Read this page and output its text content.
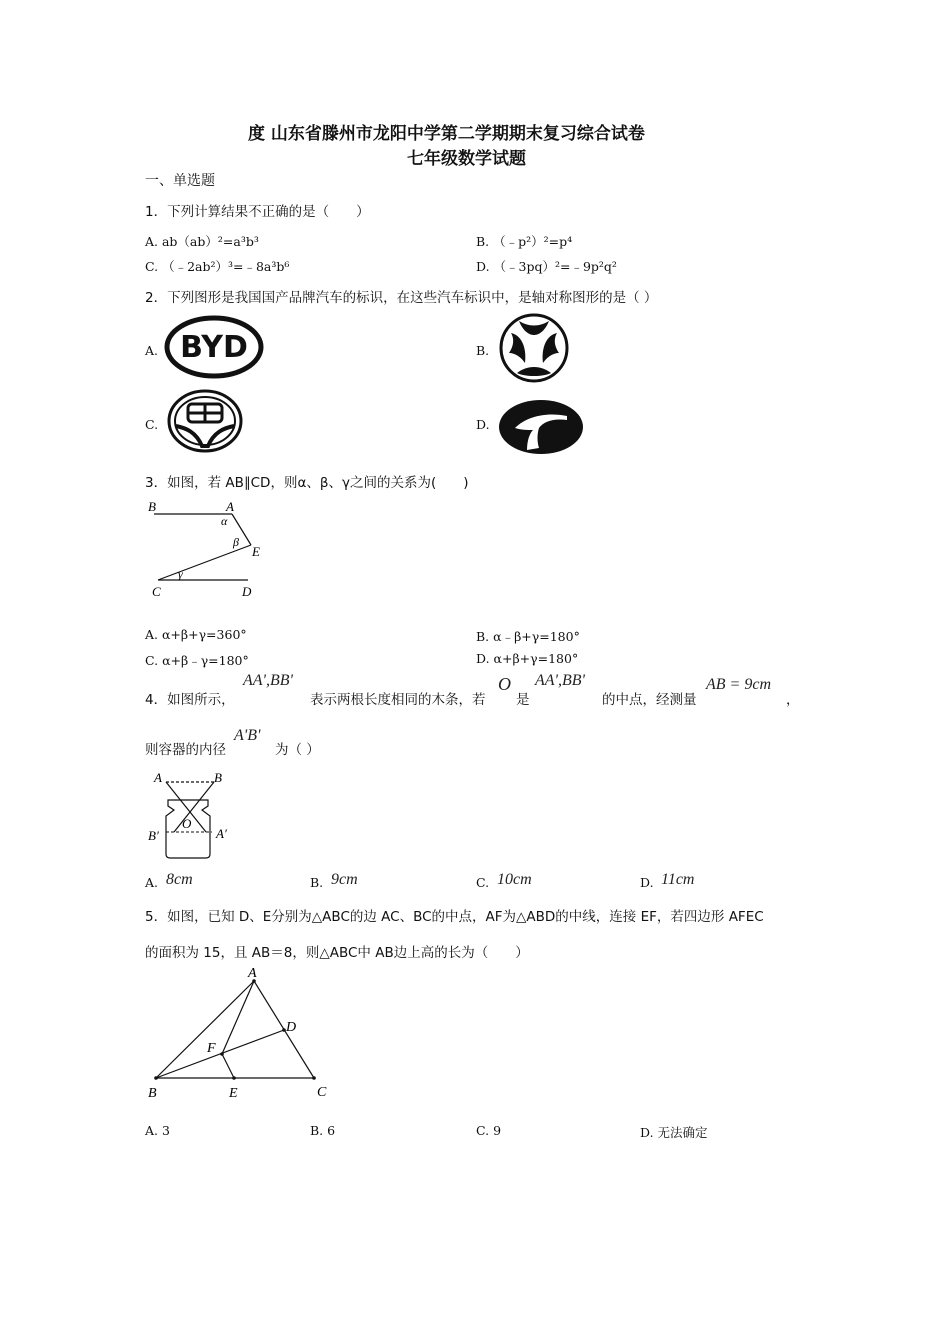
度 山东省滕州市龙阳中学第二学期期末复习综合试卷
七年级数学试题
一、单选题
1．下列计算结果不正确的是（　　）
A. ab（ab）²=a³b³	B. （﹣p²）²=p⁴
C. （﹣2ab²）³=﹣8a³b⁶	D. （﹣3pq）²=﹣9p²q²
2．下列图形是我国国产品牌汽车的标识，在这些汽车标识中，是轴对称图形的是（ ）
A.	B.
C.	D.
BYD
3．如图，若 AB∥CD，则α、β、γ之间的关系为(　　)
B	A
E
C	D
α
β
γ
A. α+β+γ=360°	B. α﹣β+γ=180°
C. α+β﹣γ=180°	D. α+β+γ=180°
4．如图所示，
AA',BB'
表示两根长度相同的木条，若
O
是
AA',BB'
的中点，经测量
AB = 9cm
，
则容器的内径
A'B'
为（ ）
A	B
O
B′	A′
A. 8cm	B. 9cm	C. 10cm	D. 11cm
5．如图，已知 D、E分别为△ABC的边 AC、BC的中点，AF为△ABD的中线，连接 EF，若四边形 AFEC
的面积为 15，且 AB＝8，则△ABC中 AB边上高的长为（　　）
A
B	C
D
E
F
A. 3	B. 6	C. 9	D. 无法确定
